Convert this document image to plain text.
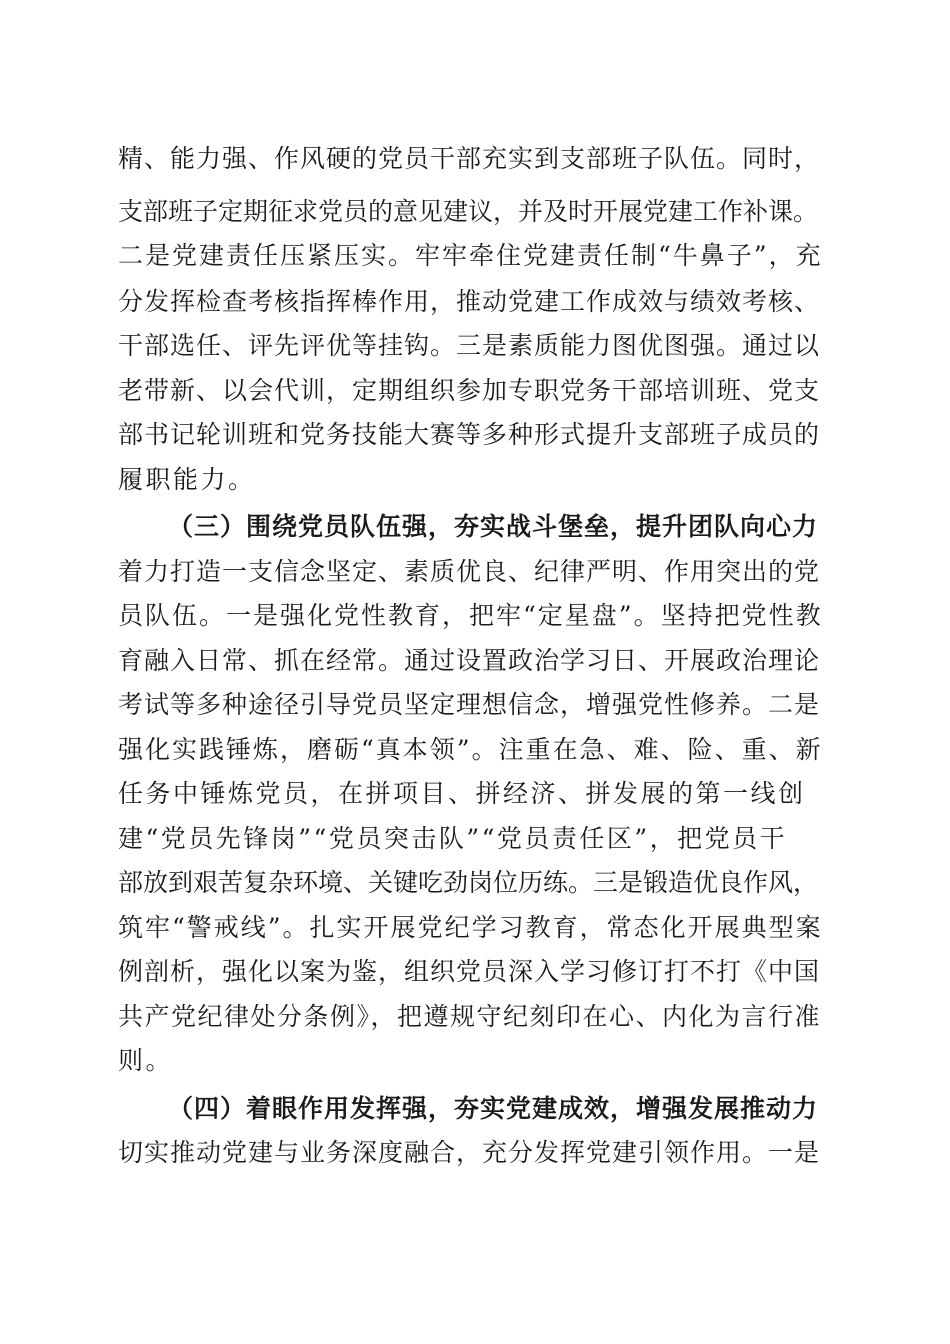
精、能力强、作风硬的党员干部充实到支部班子队伍。同时，
支部班子定期征求党员的意见建议，并及时开展党建工作补课。
二是党建责任压紧压实。牢牢牵住党建责任制“牛鼻子”，充
分发挥检查考核指挥棒作用，推动党建工作成效与绩效考核、
干部选任、评先评优等挂钩。三是素质能力图优图强。通过以
老带新、以会代训，定期组织参加专职党务干部培训班、党支
部书记轮训班和党务技能大赛等多种形式提升支部班子成员的
履职能力。
（三）围绕党员队伍强，夯实战斗堡垒，提升团队向心力
着力打造一支信念坚定、素质优良、纪律严明、作用突出的党
员队伍。一是强化党性教育，把牢“定星盘”。坚持把党性教
育融入日常、抓在经常。通过设置政治学习日、开展政治理论
考试等多种途径引导党员坚定理想信念，增强党性修养。二是
强化实践锤炼，磨砺“真本领”。注重在急、难、险、重、新
任务中锤炼党员，在拼项目、拼经济、拼发展的第一线创
建“党员先锋岗”“党员突击队”“党员责任区”，把党员干
部放到艰苦复杂环境、关键吃劲岗位历练。三是锻造优良作风，
筑牢“警戒线”。扎实开展党纪学习教育，常态化开展典型案
例剖析，强化以案为鉴，组织党员深入学习修订打不打《中国
共产党纪律处分条例》，把遵规守纪刻印在心、内化为言行准
则。
（四）着眼作用发挥强，夯实党建成效，增强发展推动力
切实推动党建与业务深度融合，充分发挥党建引领作用。一是
